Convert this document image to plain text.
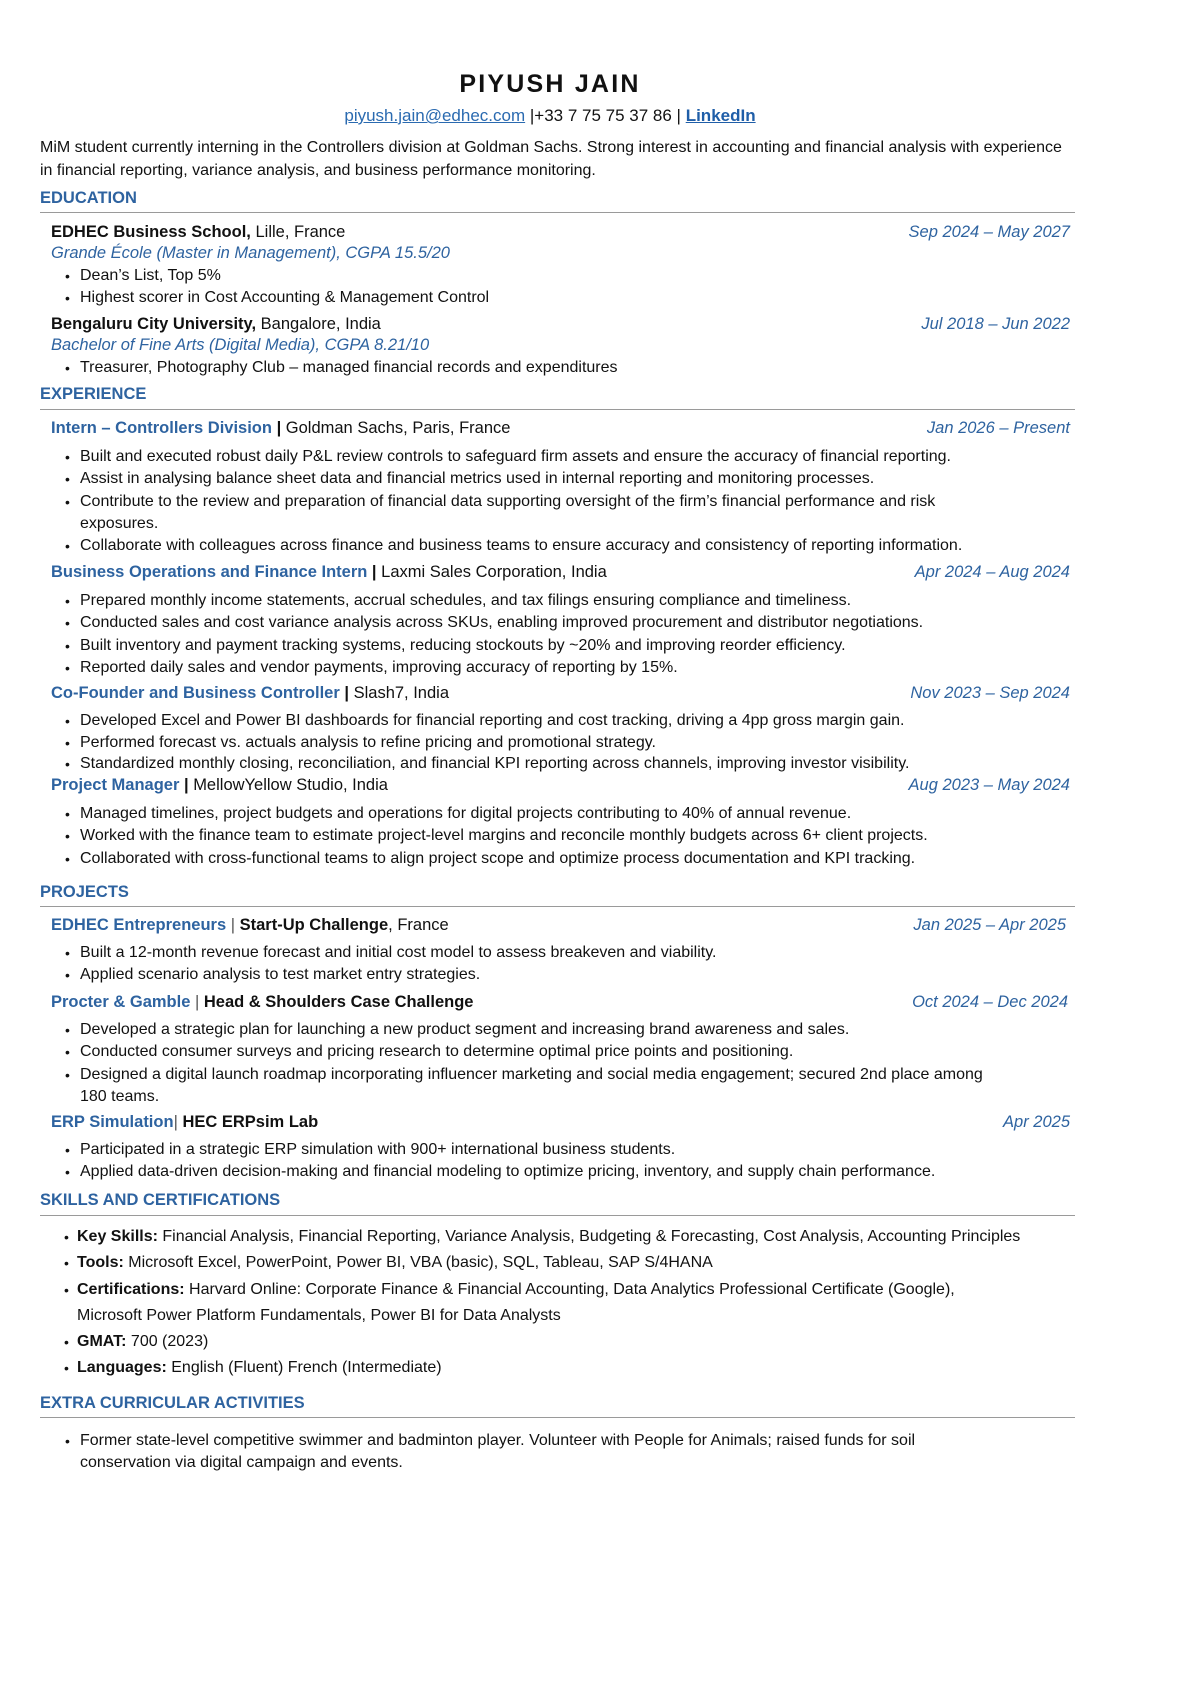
PIYUSH JAIN
piyush.jain@edhec.com |+33 7 75 75 37 86 | LinkedIn
MiM student currently interning in the Controllers division at Goldman Sachs. Strong interest in accounting and financial analysis with experience in financial reporting, variance analysis, and business performance monitoring.
EDUCATION
EDHEC Business School, Lille, France	Sep 2024 – May 2027
Grande École (Master in Management), CGPA 15.5/20
• Dean’s List, Top 5%
• Highest scorer in Cost Accounting & Management Control
Bengaluru City University, Bangalore, India	Jul 2018 – Jun 2022
Bachelor of Fine Arts (Digital Media), CGPA 8.21/10
• Treasurer, Photography Club – managed financial records and expenditures
EXPERIENCE
Intern – Controllers Division | Goldman Sachs, Paris, France	Jan 2026 – Present
• Built and executed robust daily P&L review controls to safeguard firm assets and ensure the accuracy of financial reporting.
• Assist in analysing balance sheet data and financial metrics used in internal reporting and monitoring processes.
• Contribute to the review and preparation of financial data supporting oversight of the firm’s financial performance and risk exposures.
• Collaborate with colleagues across finance and business teams to ensure accuracy and consistency of reporting information.
Business Operations and Finance Intern | Laxmi Sales Corporation, India	Apr 2024 – Aug 2024
• Prepared monthly income statements, accrual schedules, and tax filings ensuring compliance and timeliness.
• Conducted sales and cost variance analysis across SKUs, enabling improved procurement and distributor negotiations.
• Built inventory and payment tracking systems, reducing stockouts by ~20% and improving reorder efficiency.
• Reported daily sales and vendor payments, improving accuracy of reporting by 15%.
Co-Founder and Business Controller | Slash7, India	Nov 2023 – Sep 2024
• Developed Excel and Power BI dashboards for financial reporting and cost tracking, driving a 4pp gross margin gain.
• Performed forecast vs. actuals analysis to refine pricing and promotional strategy.
• Standardized monthly closing, reconciliation, and financial KPI reporting across channels, improving investor visibility.
Project Manager | MellowYellow Studio, India	Aug 2023 – May 2024
• Managed timelines, project budgets and operations for digital projects contributing to 40% of annual revenue.
• Worked with the finance team to estimate project-level margins and reconcile monthly budgets across 6+ client projects.
• Collaborated with cross-functional teams to align project scope and optimize process documentation and KPI tracking.
PROJECTS
EDHEC Entrepreneurs | Start-Up Challenge, France	Jan 2025 – Apr 2025
• Built a 12-month revenue forecast and initial cost model to assess breakeven and viability.
• Applied scenario analysis to test market entry strategies.
Procter & Gamble | Head & Shoulders Case Challenge	Oct 2024 – Dec 2024
• Developed a strategic plan for launching a new product segment and increasing brand awareness and sales.
• Conducted consumer surveys and pricing research to determine optimal price points and positioning.
• Designed a digital launch roadmap incorporating influencer marketing and social media engagement; secured 2nd place among 180 teams.
ERP Simulation| HEC ERPsim Lab	Apr 2025
• Participated in a strategic ERP simulation with 900+ international business students.
• Applied data-driven decision-making and financial modeling to optimize pricing, inventory, and supply chain performance.
SKILLS AND CERTIFICATIONS
• Key Skills: Financial Analysis, Financial Reporting, Variance Analysis, Budgeting & Forecasting, Cost Analysis, Accounting Principles
• Tools: Microsoft Excel, PowerPoint, Power BI, VBA (basic), SQL, Tableau, SAP S/4HANA
• Certifications: Harvard Online: Corporate Finance & Financial Accounting, Data Analytics Professional Certificate (Google), Microsoft Power Platform Fundamentals, Power BI for Data Analysts
• GMAT: 700 (2023)
• Languages: English (Fluent) French (Intermediate)
EXTRA CURRICULAR ACTIVITIES
• Former state-level competitive swimmer and badminton player. Volunteer with People for Animals; raised funds for soil conservation via digital campaign and events.
